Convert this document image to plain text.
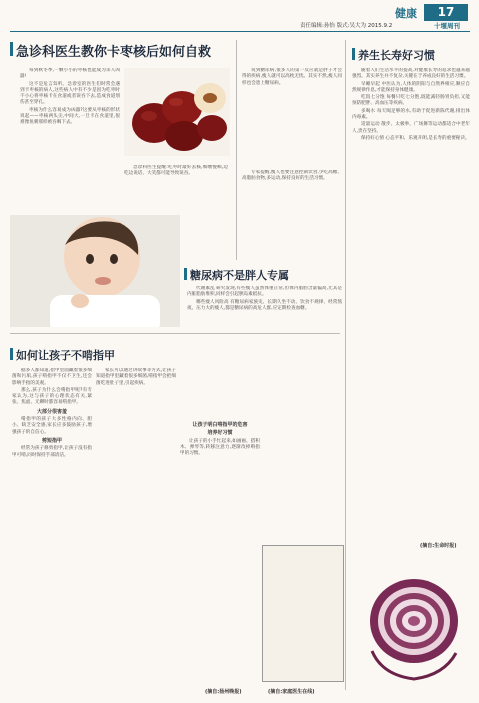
责任编辑:孙怡 版式:吴大为 2015.9.2
健康	17
十堰周刊
急诊科医生教你卡枣核后如何自救

每到秋冬季,一颗小小的枣核也能成为杀人凶器!

这不是危言耸听。急诊室的医生们时常会遇到卡枣核的病人,这些病人中有不少是因为吃枣时不小心将枣核卡在食道或者误吞下去,造成食道划伤甚至穿孔。

枣核为什么容易成为凶器?这要从枣核的形状说起——枣核两头尖,中间大,一旦卡在食道里,很难像鱼刺那样被吞咽下去。

急诊科医生提醒:吃枣时最好去核,细嚼慢咽,边吃边说话、大笑都可能导致误吞。

说到糖尿病,很多人的第一反应就是胖子才会得的疾病,瘦人就可以高枕无忧。其实不然,瘦人同样也会患上糖尿病。

专家提醒,瘦人也要注意控制饮食,少吃高糖、高脂肪食物,多运动,保持良好的生活习惯。

养生长寿好习惯

随着人们生活水平的提高,对健康长寿的追求也越来越强烈。其实养生并不复杂,关键在于养成良好的生活习惯。

早睡早起 中医认为,人体的阴阳与自然界相应,顺应自然规律作息,才能保持身体健康。

吃饭七分饱 每餐只吃七分饱,既能减轻肠胃负担,又能预防肥胖、高血压等疾病。

多喝水 每天喝足够的水,有助于促进新陈代谢,排出体内毒素。

适量运动 散步、太极拳、广场舞等运动都适合中老年人,贵在坚持。

保持好心情 心态平和、乐观开朗,是长寿的重要秘诀。

(摘自:生命时报)
糖尿病不是胖人专属

代谢素乱 研究发现,有些瘦人虽然体重正常,但体内脂肪含量偏高,尤其是内脏脂肪堆积,同样会引起胰岛素抵抗。

哪些瘦人风险高 有糖尿病家族史、长期久坐不动、饮食不规律、经常熬夜、压力大的瘦人,都是糖尿病的高危人群,应定期检查血糖。

如何让孩子不啃指甲

据多人都知道,指甲里面藏着很多细菌和污垢,孩子啃指甲不仅不卫生,还会影响手指的美观。

那么,孩子为什么会啃指甲呢?有专家认为,这与孩子的心理状态有关,紧张、焦虑、无聊时都容易啃指甲。

大部分很害羞

啃指甲的孩子大多性格内向、胆小、缺乏安全感,家长应多鼓励孩子,增强孩子的自信心。

剪短指甲

经常为孩子修剪指甲,让孩子没有指甲可啃,同时保持手部清洁。

家长可以通过讲故事等方式,让孩子知道指甲里藏着很多细菌,啃指甲会把细菌吃进肚子里,引起疾病。

让孩子明白啃指甲的危害
培养好习惯

让孩子的小手忙起来,如画画、搭积木、弹琴等,转移注意力,逐渐改掉啃指甲的习惯。

(摘自:扬州晚报)	(摘自:家庭医生在线)
